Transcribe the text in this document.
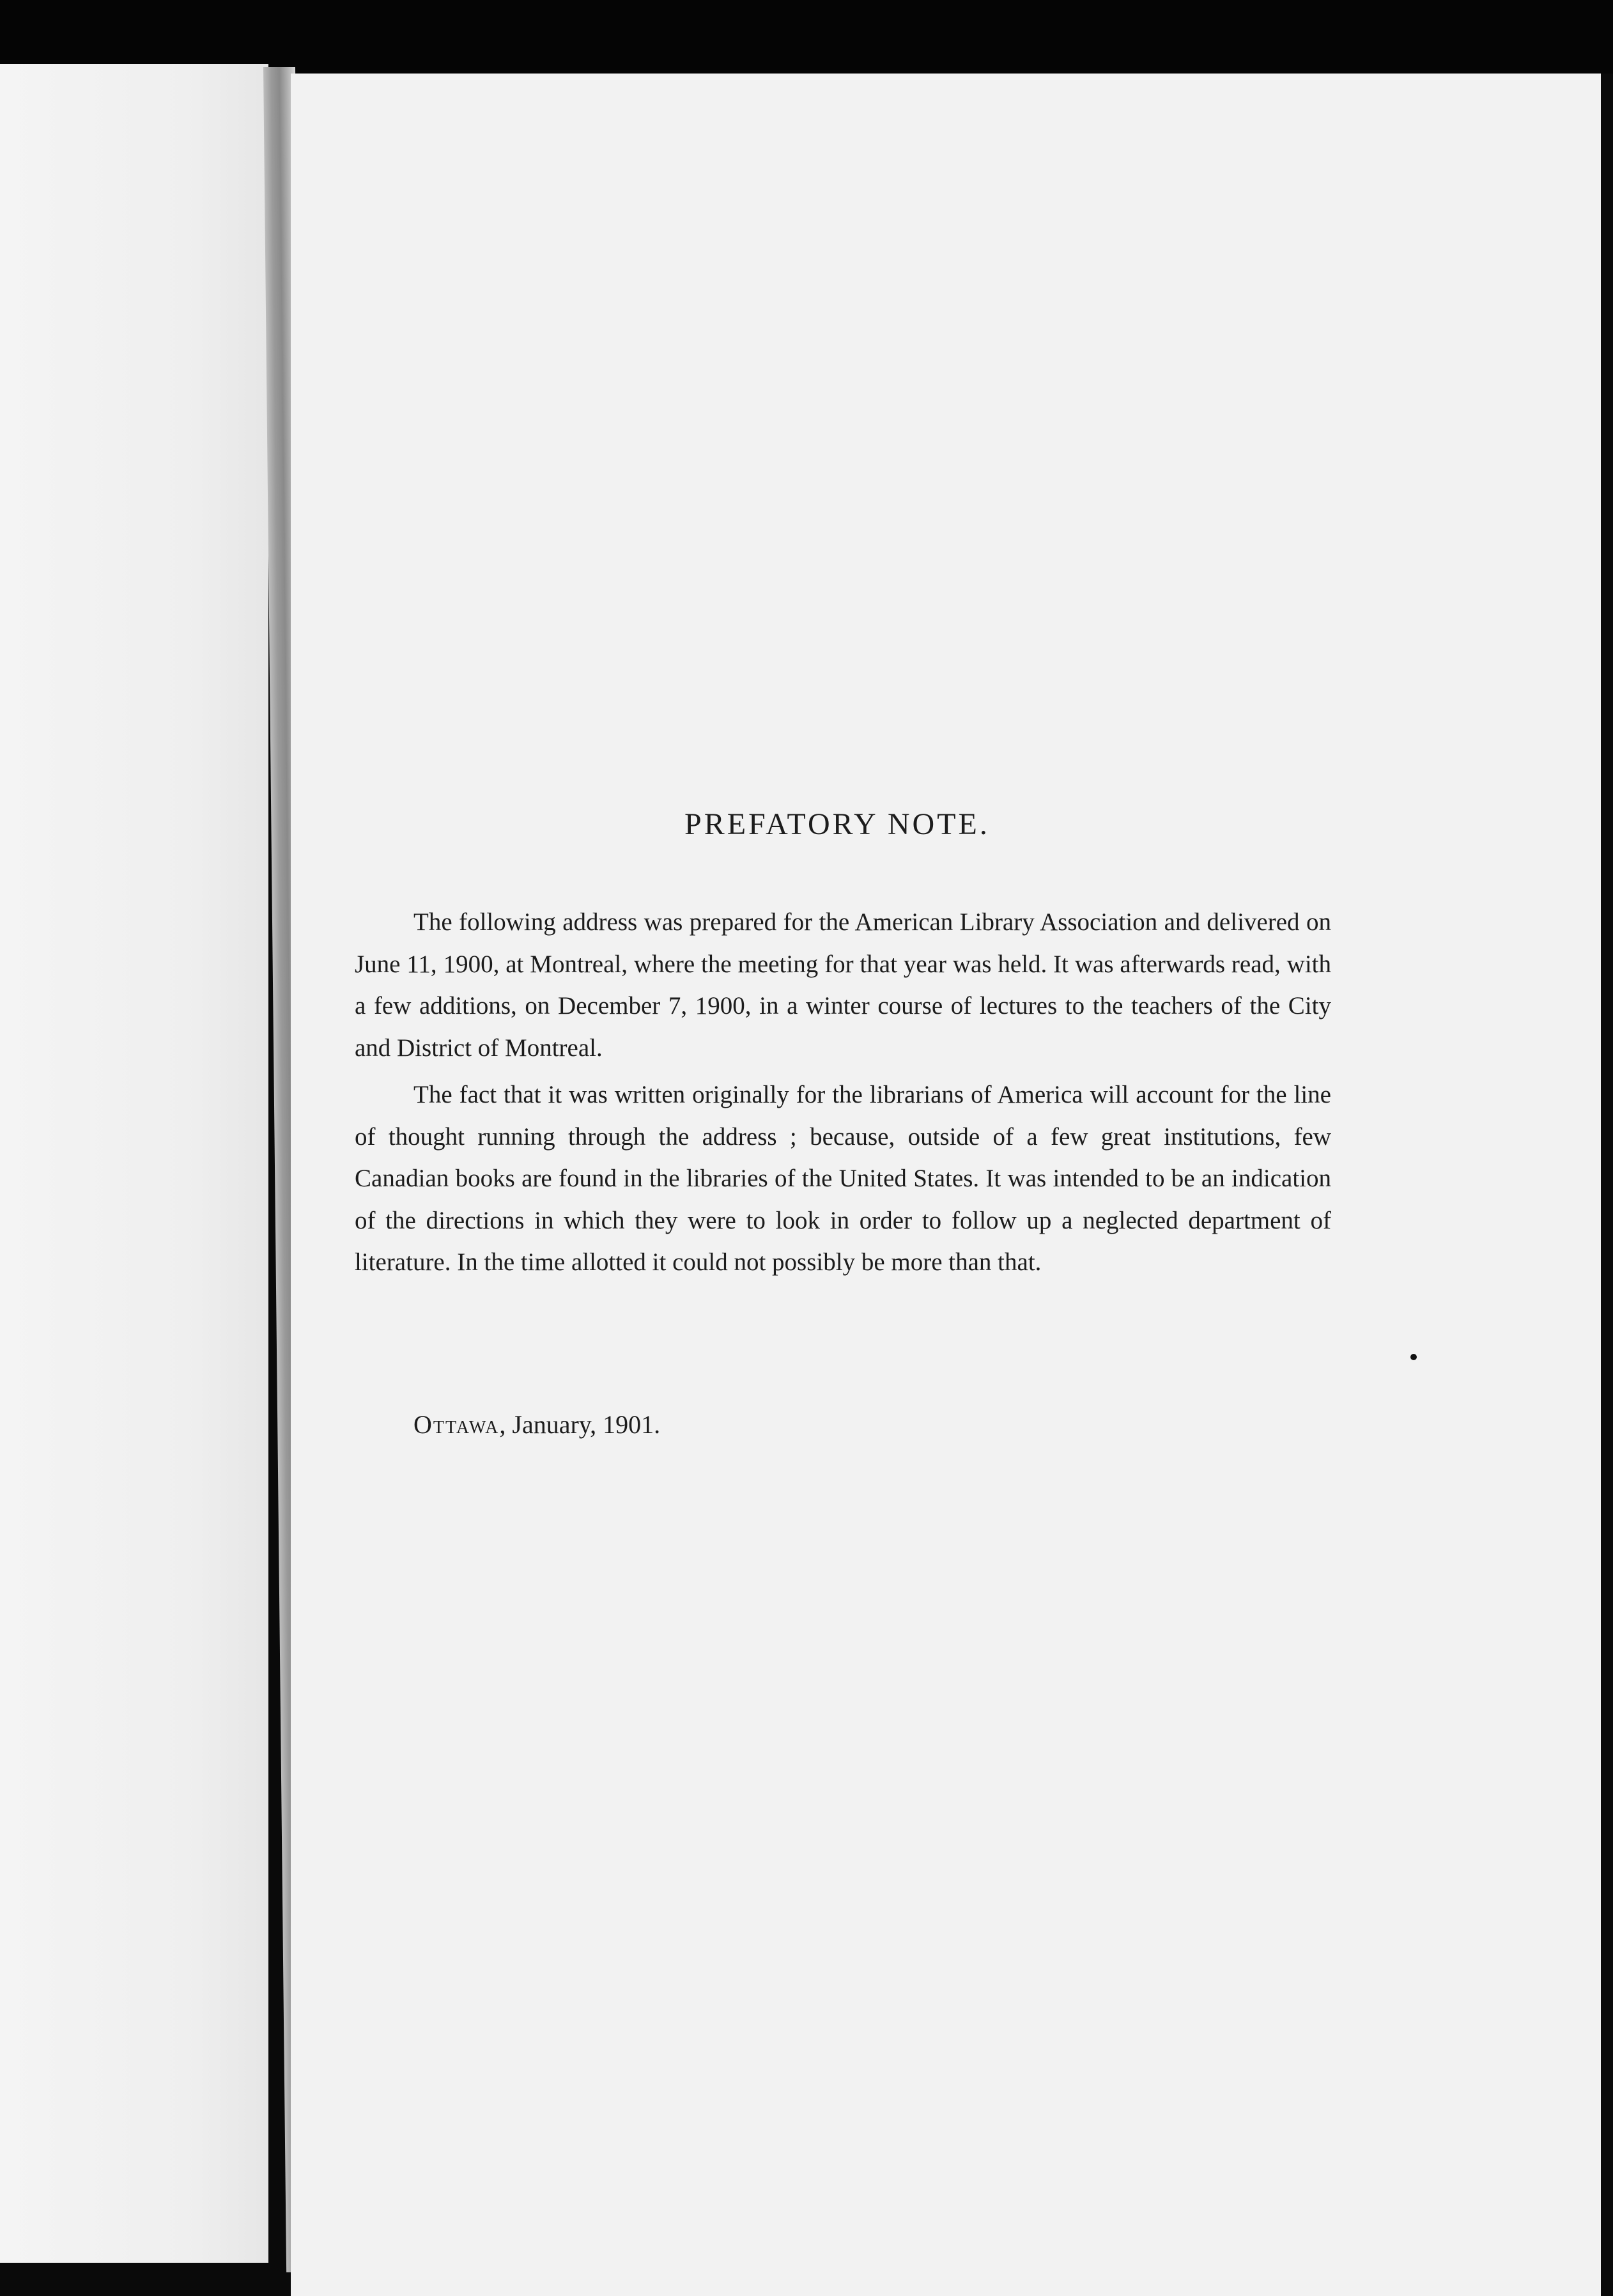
PREFATORY NOTE.

The following address was prepared for the American Library Association and delivered on June 11, 1900, at Montreal, where the meeting for that year was held. It was afterwards read, with a few additions, on December 7, 1900, in a winter course of lectures to the teachers of the City and District of Montreal.

The fact that it was written originally for the librarians of America will account for the line of thought running through the address ; because, outside of a few great institutions, few Canadian books are found in the libraries of the United States. It was intended to be an indication of the directions in which they were to look in order to follow up a neglected department of literature. In the time allotted it could not possibly be more than that.

Ottawa, January, 1901.
